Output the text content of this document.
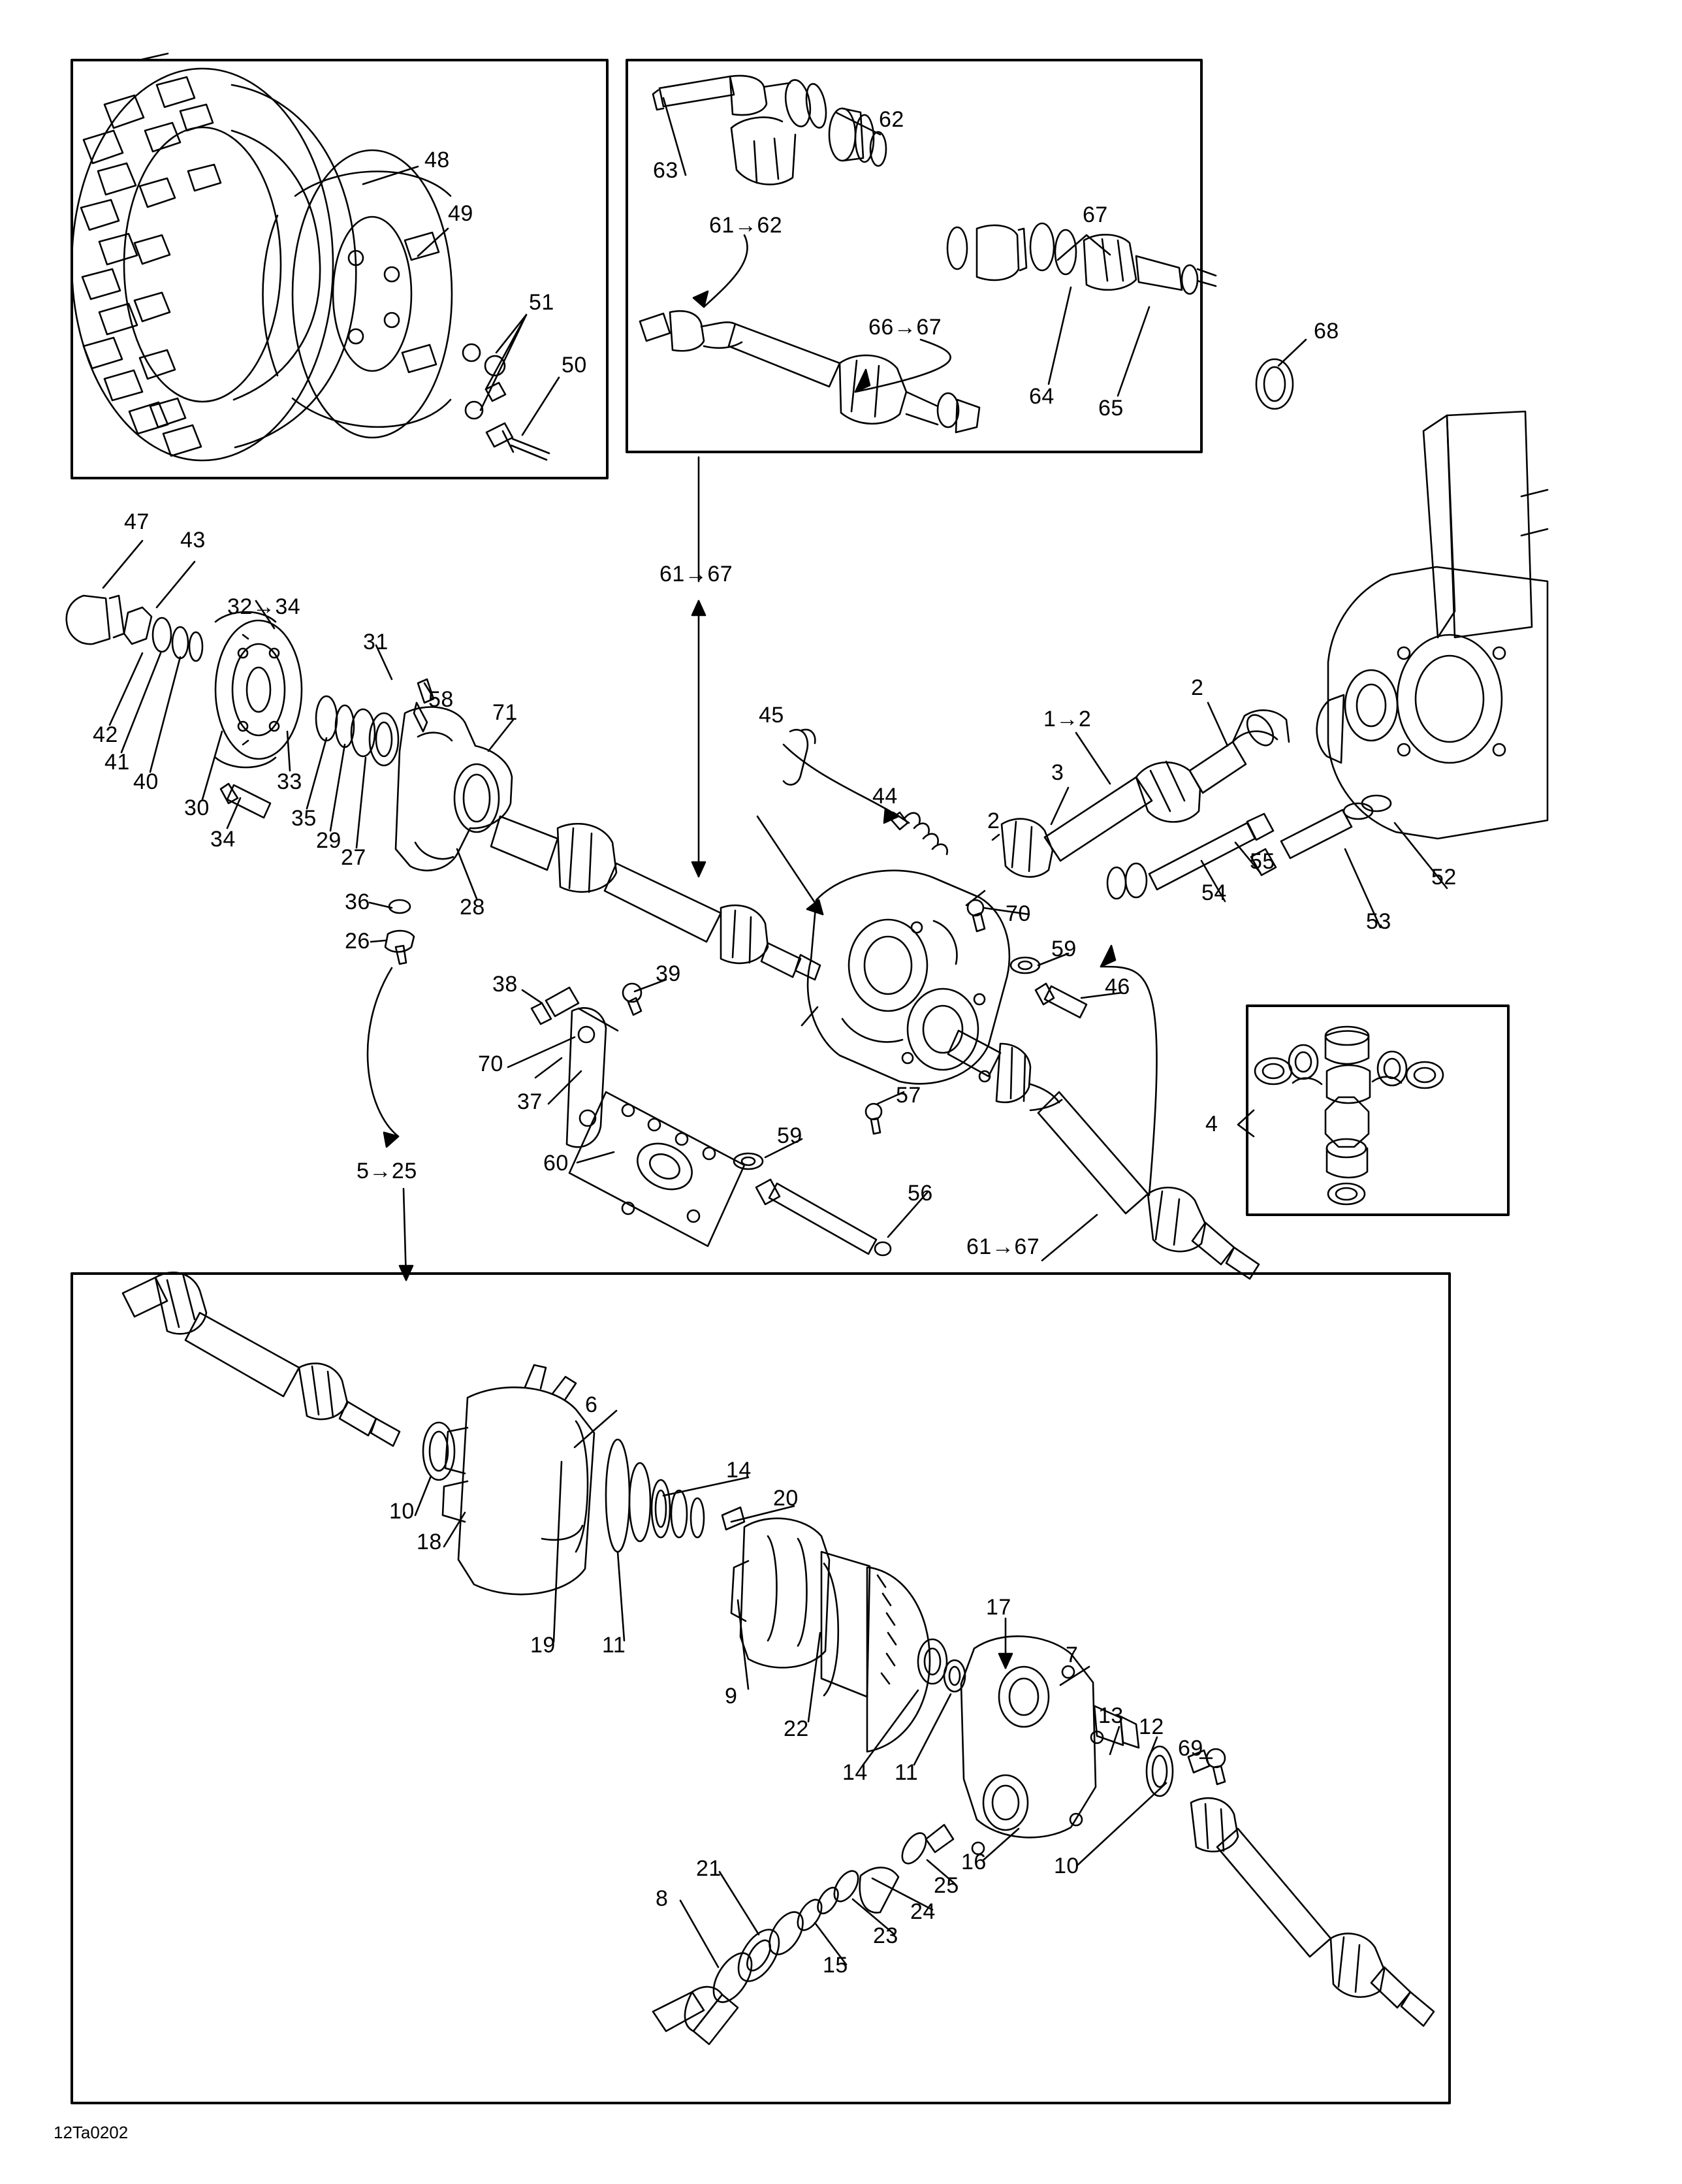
48
49
51
50
62
63
61→62	67
66→67	68
64 65
47
43
32→34
31
42
41
40
30
34
33
35
29
27
58
71
28
36
26
5→25
45
44
2
3
1→2
2
55
54
52
53
70
59
46
38	39
70
37	57
60
59
56
4
61→67
61→67
6
10
18
19 11
14
20
9
22
14 11
17
7
13 12
69
10
16
25
24
23
15
21
8
12Ta0202
